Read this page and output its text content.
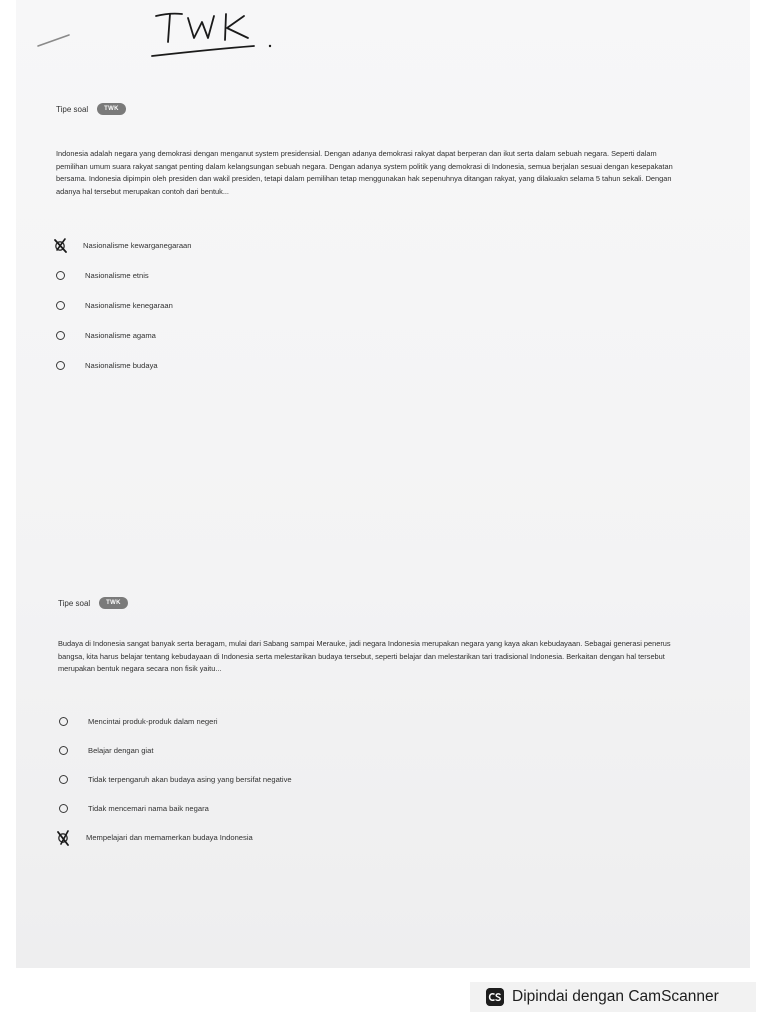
Tipe soal	TWK

Indonesia adalah negara yang demokrasi dengan menganut system presidensial. Dengan adanya demokrasi rakyat dapat berperan dan ikut serta dalam sebuah negara. Seperti dalam pemilihan umum suara rakyat sangat penting dalam kelangsungan sebuah negara. Dengan adanya system politik yang demokrasi di Indonesia, semua berjalan sesuai dengan kesepakatan bersama. Indonesia dipimpin oleh presiden dan wakil presiden, tetapi dalam pemilihan tetap menggunakan hak sepenuhnya ditangan rakyat, yang dilakuakn selama 5 tahun sekali. Dengan adanya hal tersebut merupakan contoh dari bentuk...

Nasionalisme kewarganegaraan
Nasionalisme etnis
Nasionalisme kenegaraan
Nasionalisme agama
Nasionalisme budaya
Tipe soal	TWK

Budaya di Indonesia sangat banyak serta beragam, mulai dari Sabang sampai Merauke, jadi negara Indonesia merupakan negara yang kaya akan kebudayaan. Sebagai generasi penerus bangsa, kita harus belajar tentang kebudayaan di Indonesia serta melestarikan budaya tersebut, seperti belajar dan melestarikan tari tradisional Indonesia. Berkaitan dengan hal tersebut merupakan bentuk negara secara non fisik yaitu...

Mencintai produk-produk dalam negeri
Belajar dengan giat
Tidak terpengaruh akan budaya asing yang bersifat negative
Tidak mencemari nama baik negara
Mempelajari dan memamerkan budaya Indonesia
Dipindai dengan CamScanner
